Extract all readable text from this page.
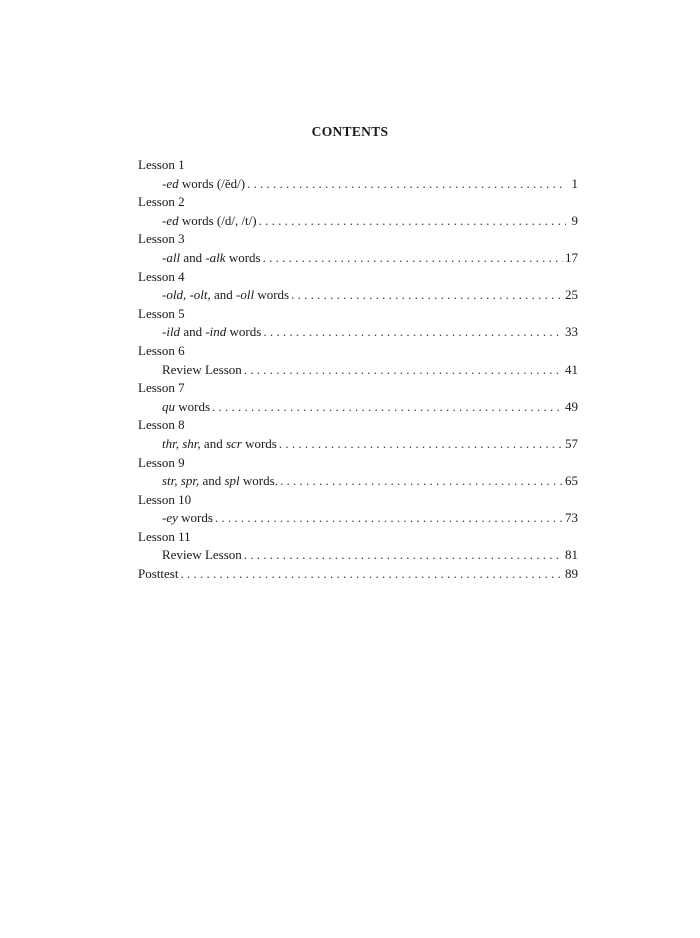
CONTENTS
Lesson 1
-ed words (/ĕd/) . . .	1
Lesson 2
-ed words (/d/, /t/) . . .	9
Lesson 3
-all and -alk words . . .	17
Lesson 4
-old, -olt, and -oll words . . .	25
Lesson 5
-ild and -ind words . . .	33
Lesson 6
Review Lesson . . .	41
Lesson 7
qu words . . .	49
Lesson 8
thr, shr, and scr words . . .	57
Lesson 9
str, spr, and spl words. . . .	65
Lesson 10
-ey words . . .	73
Lesson 11
Review Lesson . . .	81
Posttest . . .	89
